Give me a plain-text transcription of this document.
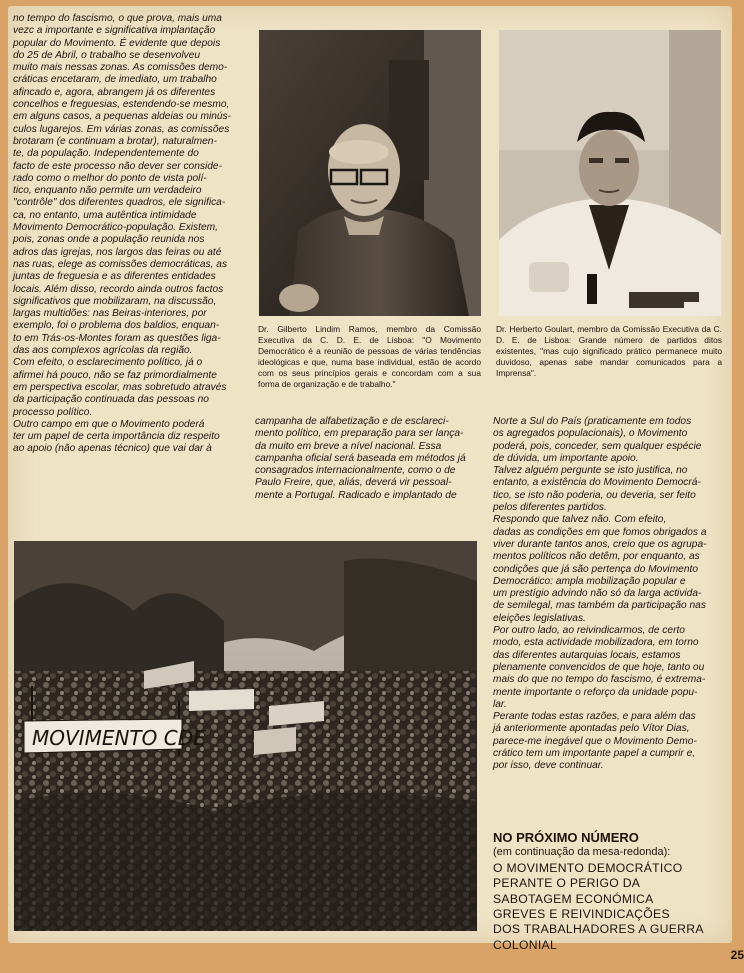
no tempo do fascismo, o que prova, mais uma
vezc a importante e significativa implantação
popular do Movimento. É evidente que depois
do 25 de Abril, o trabalho se desenvolveu
muito mais nessas zonas. As comissões demo-
cráticas encetaram, de imediato, um trabalho
afincado e, agora, abrangem já os diferentes
concelhos e freguesias, estendendo-se mesmo,
em alguns casos, a pequenas aldeias ou minús-
culos lugarejos. Em várias zonas, as comissões
brotaram (e continuam a brotar), naturalmen-
te, da população. Independentemente do
facto de este processo não dever ser conside-
rado como o melhor do ponto de vista polí-
tico, enquanto não permite um verdadeiro
"contrôle" dos diferentes quadros, ele significa-
ca, no entanto, uma autêntica intimidade
Movimento Democrático-população. Existem,
pois, zonas onde a população reunida nos
adros das igrejas, nos largos das feiras ou até
nas ruas, elege as comissões democráticas, as
juntas de freguesia e as diferentes entidades
locais. Além disso, recordo ainda outros factos
significativos que mobilizaram, na discussão,
largas multidões: nas Beiras-interiores, por
exemplo, foi o problema dos baldios, enquan-
to em Trás-os-Montes foram as questões liga-
das aos complexos agrícolas da região.
Com efeito, o esclarecimento político, já o
afirmei há pouco, não se faz primordialmente
em perspectiva escolar, mas sobretudo através
da participação continuada das pessoas no
processo político.
Outro campo em que o Movimento poderá
ter um papel de certa importância diz respeito
ao apoio (não apenas técnico) que vai dar à

Dr. Gilberto Lindim Ramos, membro da Comissão Executiva da C. D. E. de Lisboa: "O Movimento Democrático é a reunião de pessoas de várias tendências ideológicas e que, numa base individual, estão de acordo com os seus princípios gerais e concordam com a sua forma de organização e de trabalho."

Dr. Herberto Goulart, membro da Comissão Executiva da C. D. E. de Lisboa: Grande número de partidos ditos existentes, "mas cujo significado prático permanece muito duvidoso, apenas sabe mandar comunicados para a Imprensa".

campanha de alfabetização e de esclareci-
mento político, em preparação para ser lança-
da muito em breve a nível nacional. Essa
campanha oficial será baseada em métodos já
consagrados internacionalmente, como o de
Paulo Freire, que, aliás, deverá vir pessoal-
mente a Portugal. Radicado e implantado de

Norte a Sul do País (praticamente em todos
os agregados populacionais), o Movimento
poderá, pois, conceder, sem qualquer espécie
de dúvida, um importante apoio.
Talvez alguém pergunte se isto justifica, no
entanto, a existência do Movimento Democrá-
tico, se isto não poderia, ou deveria, ser feito
pelos diferentes partidos.
Respondo que talvez não. Com efeito,
dadas as condições em que fomos obrigados a
viver durante tantos anos, creio que os agrupa-
mentos políticos não detêm, por enquanto, as
condições que já são pertença do Movimento
Democrático: ampla mobilização popular e
um prestígio advindo não só da larga activida-
de semilegal, mas também da participação nas
eleições legislativas.
Por outro lado, ao reivindicarmos, de certo
modo, esta actividade mobilizadora, em torno
das diferentes autarquias locais, estamos
plenamente convencidos de que hoje, tanto ou
mais do que no tempo do fascismo, é extrema-
mente importante o reforço da unidade popu-
lar.
Perante todas estas razões, e para além das
já anteriormente apontadas pelo Vítor Dias,
parece-me inegável que o Movimento Demo-
crático tem um importante papel a cumprir e,
por isso, deve continuar.

MOVIMENTO CDE
NO PRÓXIMO NÚMERO
(em continuação da mesa-redonda):
O MOVIMENTO DEMOCRÁTICO
PERANTE O PERIGO DA
SABOTAGEM ECONÓMICA
GREVES E REIVINDICAÇÕES
DOS TRABALHADORES A GUERRA
COLONIAL
25
